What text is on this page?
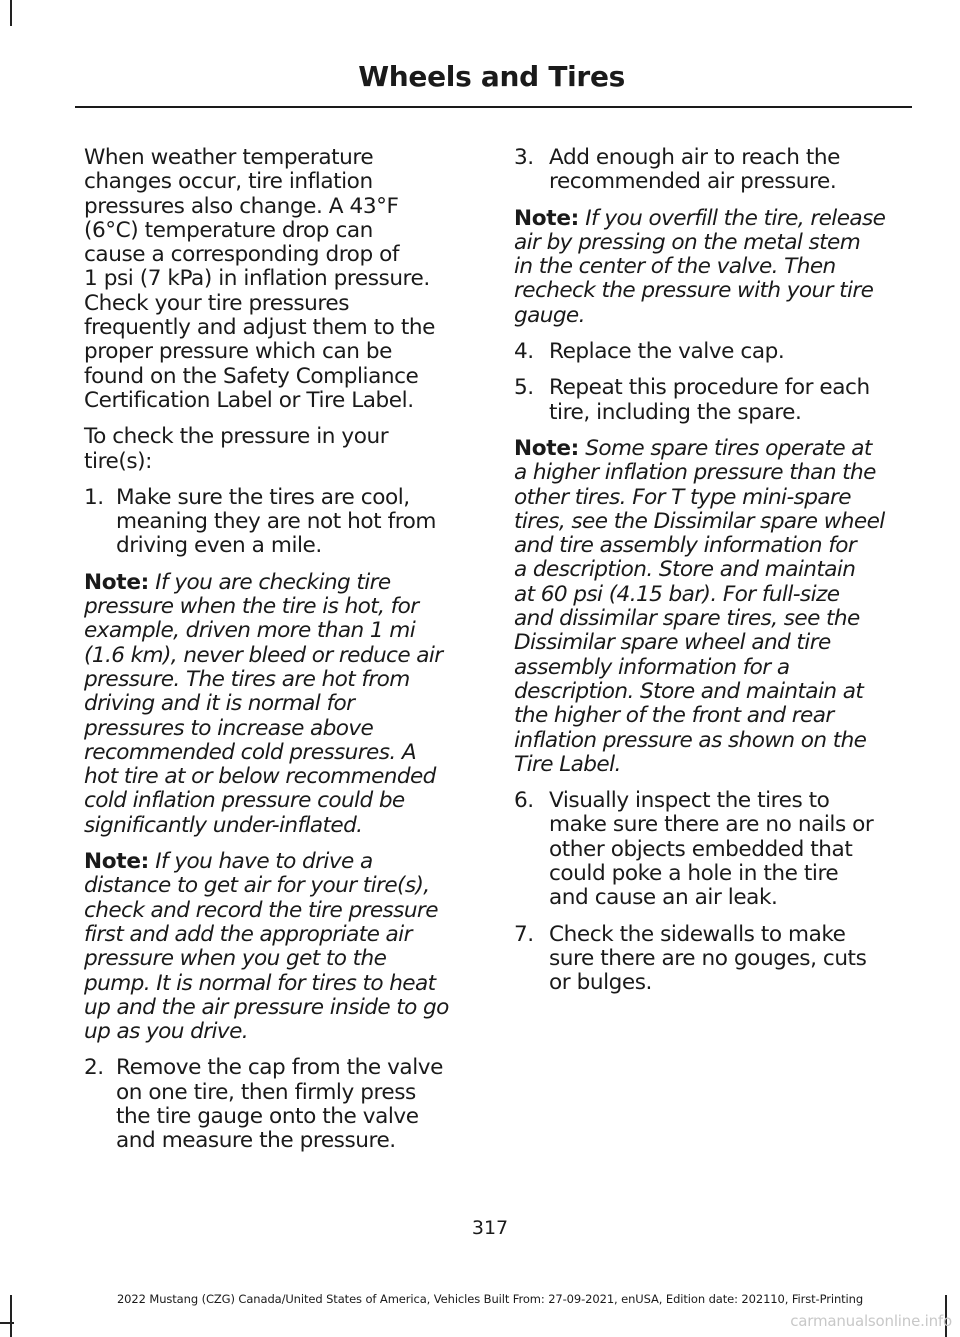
Wheels and Tires

When weather temperature
changes occur, tire inflation
pressures also change. A 43°F
(6°C) temperature drop can
cause a corresponding drop of
1 psi (7 kPa) in inflation pressure.
Check your tire pressures
frequently and adjust them to the
proper pressure which can be
found on the Safety Compliance
Certification Label or Tire Label.

To check the pressure in your
tire(s):

1. Make sure the tires are cool,
meaning they are not hot from
driving even a mile.

Note: If you are checking tire
pressure when the tire is hot, for
example, driven more than 1 mi
(1.6 km), never bleed or reduce air
pressure. The tires are hot from
driving and it is normal for
pressures to increase above
recommended cold pressures. A
hot tire at or below recommended
cold inflation pressure could be
significantly under-inflated.

Note: If you have to drive a
distance to get air for your tire(s),
check and record the tire pressure
first and add the appropriate air
pressure when you get to the
pump. It is normal for tires to heat
up and the air pressure inside to go
up as you drive.

2. Remove the cap from the valve
on one tire, then firmly press
the tire gauge onto the valve
and measure the pressure.
3. Add enough air to reach the
recommended air pressure.

Note: If you overfill the tire, release
air by pressing on the metal stem
in the center of the valve. Then
recheck the pressure with your tire
gauge.

4. Replace the valve cap.
5. Repeat this procedure for each
tire, including the spare.

Note: Some spare tires operate at
a higher inflation pressure than the
other tires. For T type mini-spare
tires, see the Dissimilar spare wheel
and tire assembly information for
a description. Store and maintain
at 60 psi (4.15 bar). For full-size
and dissimilar spare tires, see the
Dissimilar spare wheel and tire
assembly information for a
description. Store and maintain at
the higher of the front and rear
inflation pressure as shown on the
Tire Label.

6. Visually inspect the tires to
make sure there are no nails or
other objects embedded that
could poke a hole in the tire
and cause an air leak.
7. Check the sidewalls to make
sure there are no gouges, cuts
or bulges.
317
2022 Mustang (CZG) Canada/United States of America, Vehicles Built From: 27-09-2021, enUSA, Edition date: 202110, First-Printing
carmanualsonline.info
